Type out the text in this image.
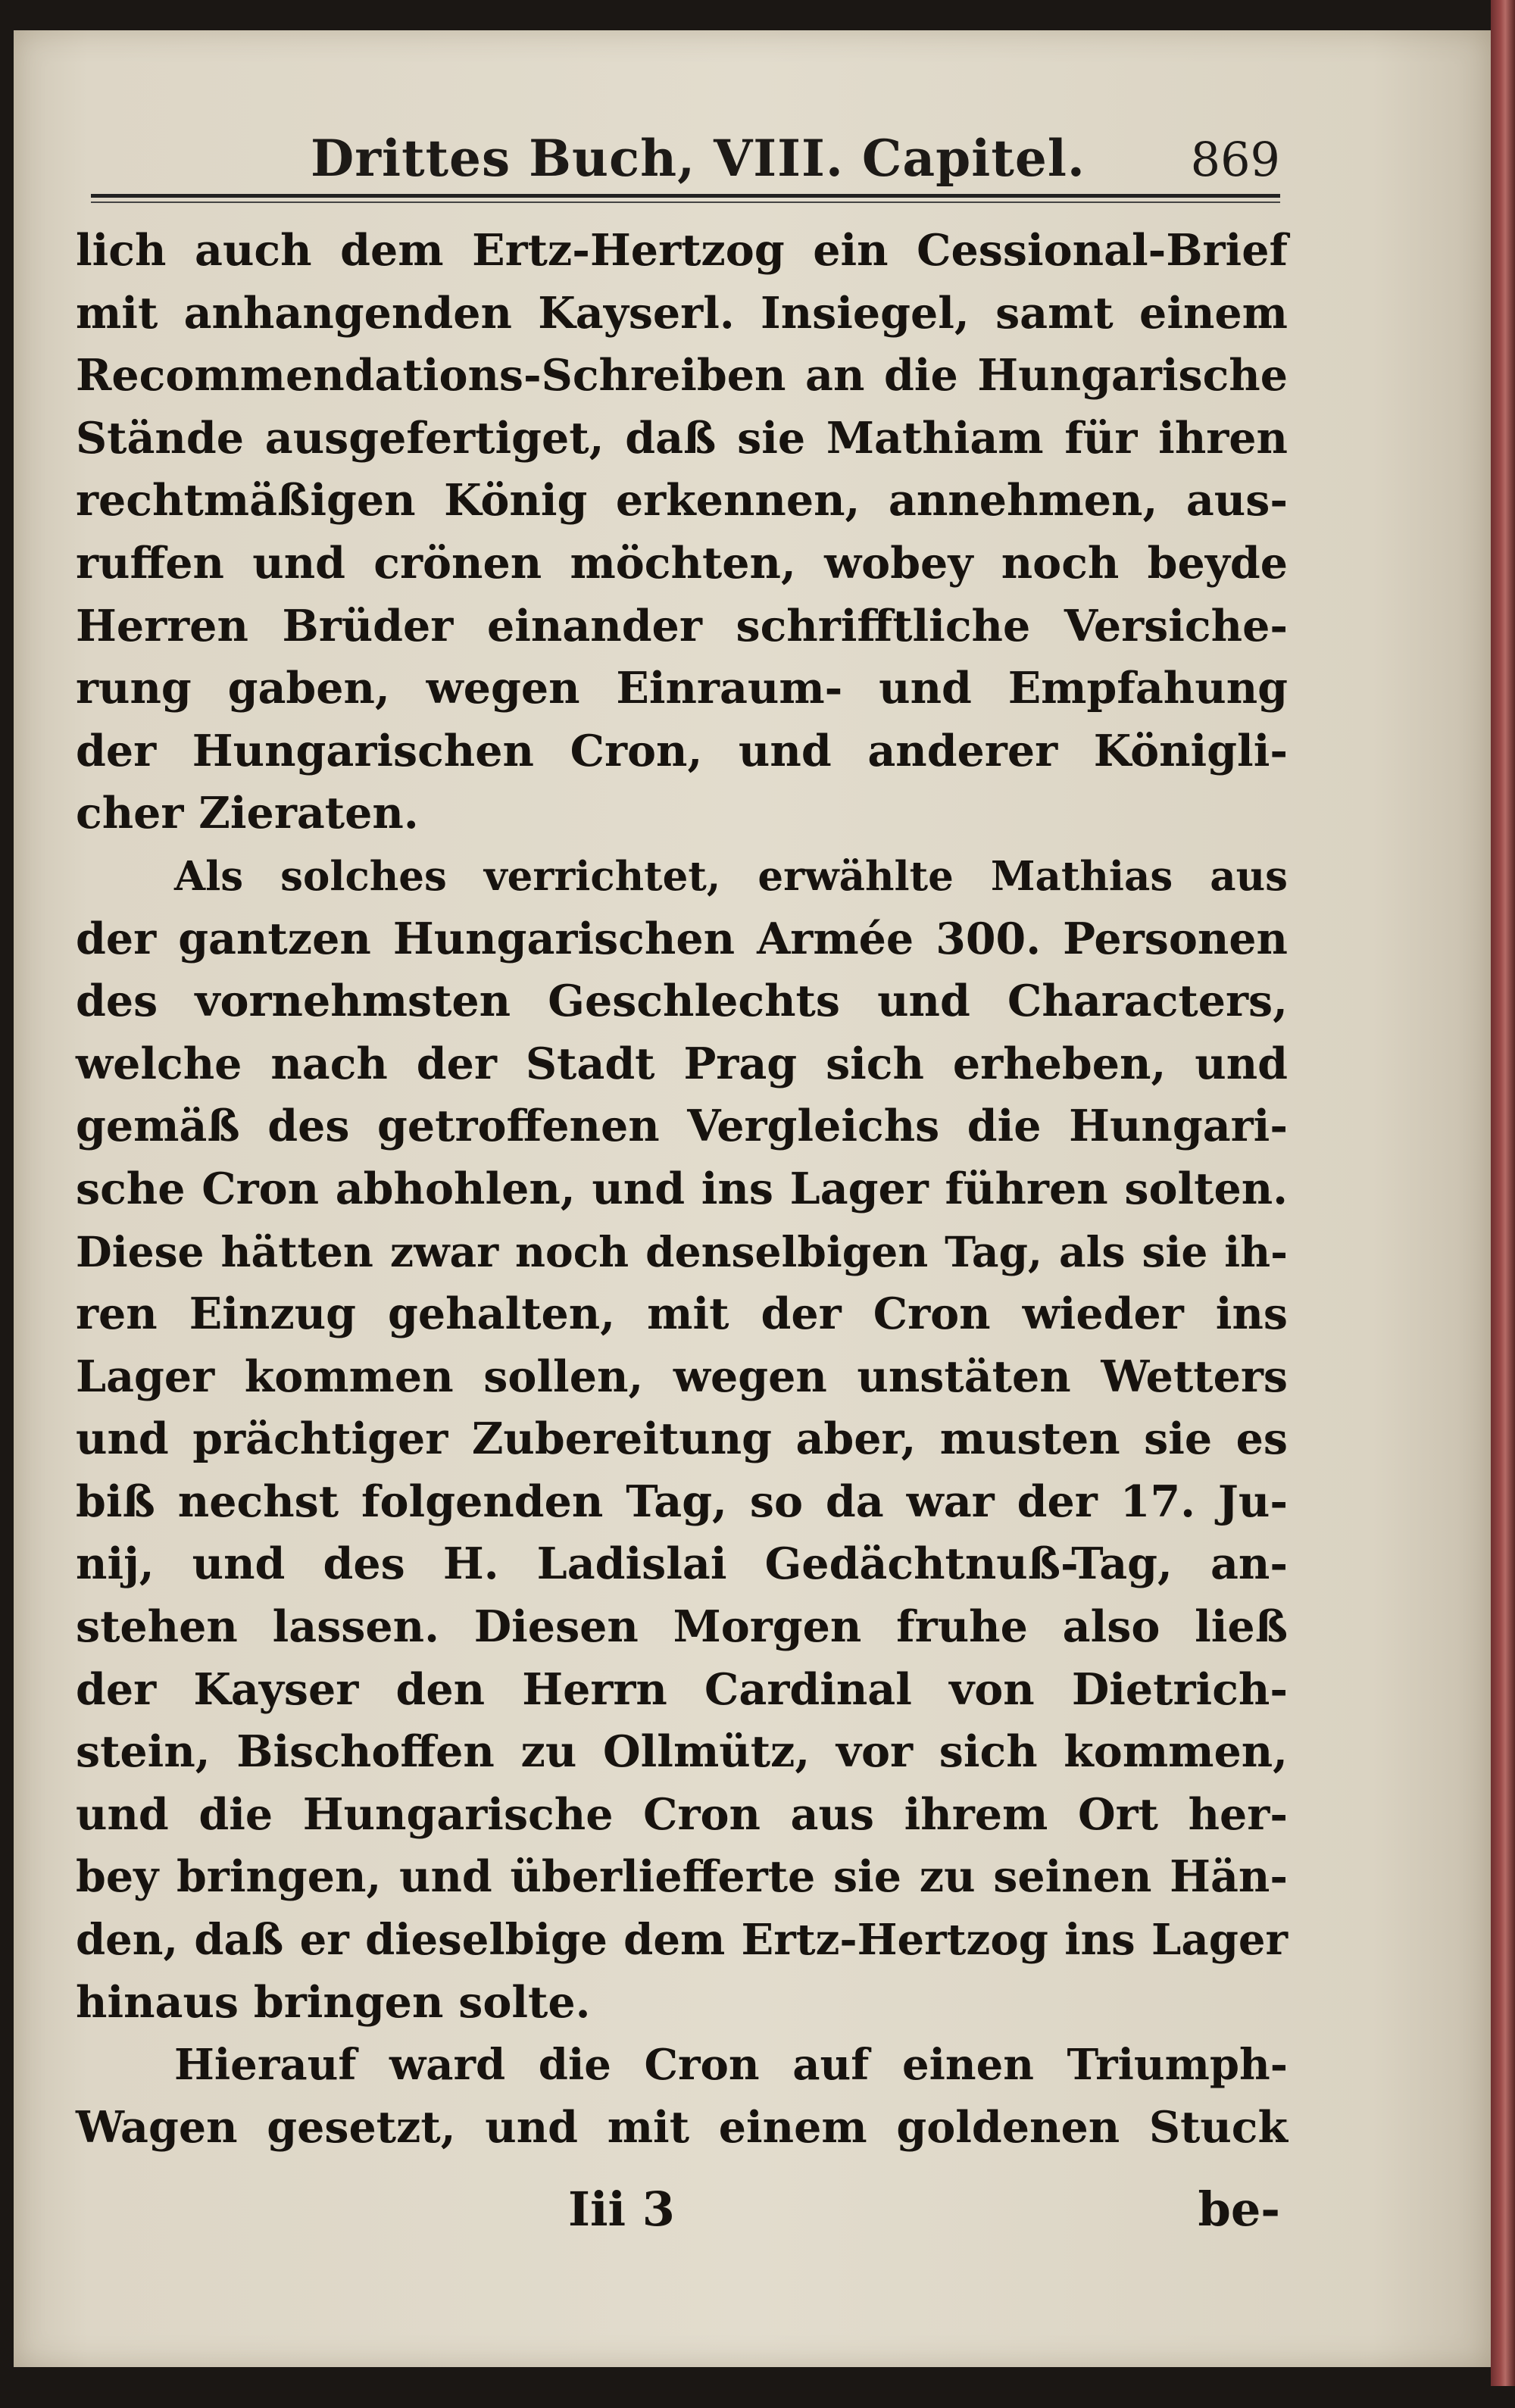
Drittes Buch, VIII. Capitel. 869
lich auch dem Ertz-Hertzog ein Cessional-Brief
mit anhangenden Kayserl. Insiegel, samt einem
Recommendations-Schreiben an die Hungarische
Stände ausgefertiget, daß sie Mathiam für ihren
rechtmäßigen König erkennen, annehmen, aus-
ruffen und crönen möchten, wobey noch beyde
Herren Brüder einander schrifftliche Versiche-
rung gaben, wegen Einraum- und Empfahung
der Hungarischen Cron, und anderer Königli-
cher Zieraten.
Als solches verrichtet, erwählte Mathias aus
der gantzen Hungarischen Armée 300. Personen
des vornehmsten Geschlechts und Characters,
welche nach der Stadt Prag sich erheben, und
gemäß des getroffenen Vergleichs die Hungari-
sche Cron abhohlen, und ins Lager führen solten.
Diese hätten zwar noch denselbigen Tag, als sie ih-
ren Einzug gehalten, mit der Cron wieder ins
Lager kommen sollen, wegen unstäten Wetters
und prächtiger Zubereitung aber, musten sie es
biß nechst folgenden Tag, so da war der 17. Ju-
nij, und des H. Ladislai Gedächtnuß-Tag, an-
stehen lassen. Diesen Morgen fruhe also ließ
der Kayser den Herrn Cardinal von Dietrich-
stein, Bischoffen zu Ollmütz, vor sich kommen,
und die Hungarische Cron aus ihrem Ort her-
bey bringen, und überliefferte sie zu seinen Hän-
den, daß er dieselbige dem Ertz-Hertzog ins Lager
hinaus bringen solte.
Hierauf ward die Cron auf einen Triumph-
Wagen gesetzt, und mit einem goldenen Stuck
Iii 3	be-
